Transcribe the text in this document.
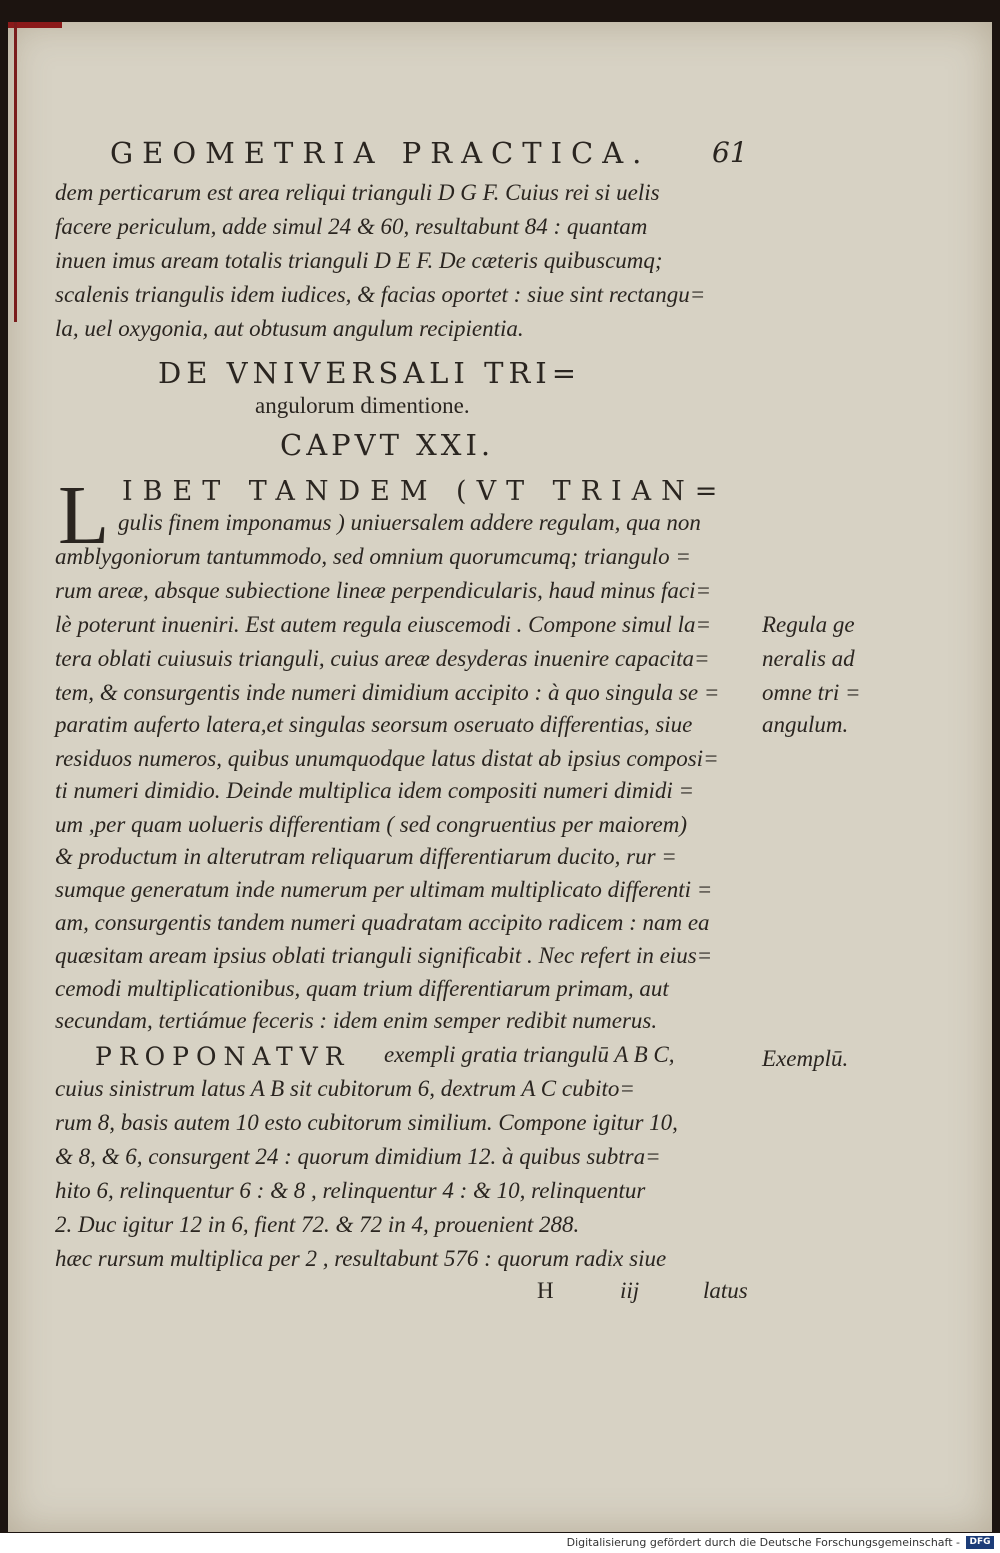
GEOMETRIA PRACTICA.	61
dem perticarum est area reliqui trianguli D G F. Cuius rei si uelis
facere periculum, adde simul 24 & 60, resultabunt 84 : quantam
inuen imus aream totalis trianguli D E F. De cæteris quibuscumq;
scalenis triangulis idem iudices, & facias oportet : siue sint rectangu=
la, uel oxygonia, aut obtusum angulum recipientia.
DE VNIVERSALI TRI=
angulorum dimentione.
CAPVT XXI.
L IBET TANDEM (VT TRIAN=
gulis finem imponamus ) uniuersalem addere regulam, qua non
amblygoniorum tantummodo, sed omnium quorumcumq; triangulo =
rum areæ, absque subiectione lineæ perpendicularis, haud minus faci=
lè poterunt inueniri. Est autem regula eiuscemodi . Compone simul la=
tera oblati cuiusuis trianguli, cuius areæ desyderas inuenire capacita=
tem, & consurgentis inde numeri dimidium accipito : à quo singula se =
paratim auferto latera,et singulas seorsum oseruato differentias, siue
residuos numeros, quibus unumquodque latus distat ab ipsius composi=
ti numeri dimidio. Deinde multiplica idem compositi numeri dimidi =
um ,per quam uolueris differentiam ( sed congruentius per maiorem)
& productum in alterutram reliquarum differentiarum ducito, rur =
sumque generatum inde numerum per ultimam multiplicato differenti =
am, consurgentis tandem numeri quadratam accipito radicem : nam ea
quæsitam aream ipsius oblati trianguli significabit . Nec refert in eius=
cemodi multiplicationibus, quam trium differentiarum primam, aut
secundam, tertiámue feceris : idem enim semper redibit numerus.
PROPONATVR exempli gratia triangulū A B C,
cuius sinistrum latus A B sit cubitorum 6, dextrum A C cubito=
rum 8, basis autem 10 esto cubitorum similium. Compone igitur 10,
& 8, & 6, consurgent 24 : quorum dimidium 12. à quibus subtra=
hito 6, relinquentur 6 : & 8 , relinquentur 4 : & 10, relinquentur
2. Duc igitur 12 in 6, fient 72. & 72 in 4, prouenient 288.
hæc rursum multiplica per 2 , resultabunt 576 : quorum radix siue
H	iij	latus
Regula ge
neralis ad
omne tri =
angulum.
Exemplū.
Digitalisierung gefördert durch die Deutsche Forschungsgemeinschaft -	DFG
